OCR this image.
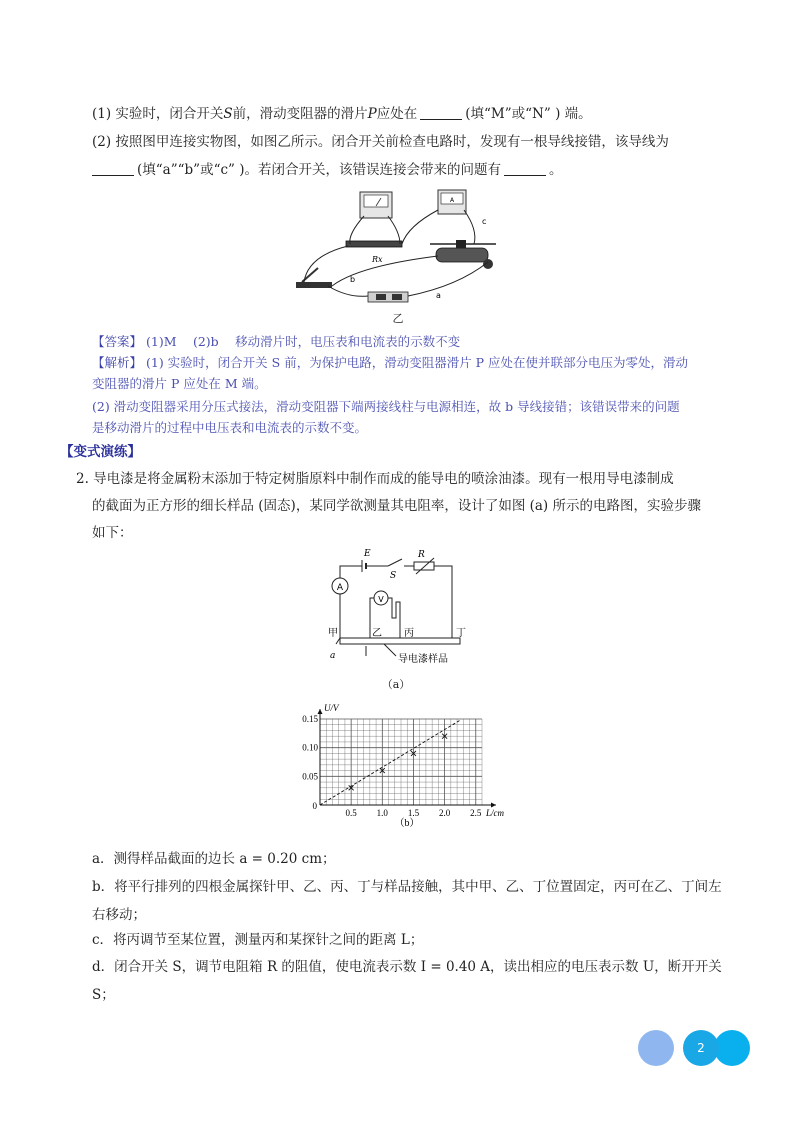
(1) 实验时，闭合开关S前，滑动变阻器的滑片P应处在	(填“M”或“N” ) 端。
(2) 按照图甲连接实物图，如图乙所示。闭合开关前检查电路时，发现有一根导线接错，该导线为
(填“a”“b”或“c” )。若闭合开关，该错误连接会带来的问题有	。
A
Rx
b
a
c
乙
【答案】 (1)M　 (2)b　 移动滑片时，电压表和电流表的示数不变
【解析】 (1) 实验时，闭合开关 S 前，为保护电路，滑动变阻器滑片 P 应处在使并联部分电压为零处，滑动
变阻器的滑片 P 应处在 M 端。
(2) 滑动变阻器采用分压式接法，滑动变阻器下端两接线柱与电源相连，故 b 导线接错；该错误带来的问题
是移动滑片的过程中电压表和电流表的示数不变。
【变式演练】
2. 导电漆是将金属粉末添加于特定树脂原料中制作而成的能导电的喷涂油漆。现有一根用导电漆制成
的截面为正方形的细长样品 (固态)，某同学欲测量其电阻率，设计了如图 (a) 所示的电路图，实验步骤
如下：
A
V
E	R
S
甲	乙 丙	丁
a	导电漆样品
（a）
0.5 1.0 1.5 2.0 2.5
0.05
0.10
0.15
0
U/V
L/cm
（b）
a．测得样品截面的边长 a = 0.20 cm；
b．将平行排列的四根金属探针甲、乙、丙、丁与样品接触，其中甲、乙、丁位置固定，丙可在乙、丁间左
右移动；
c．将丙调节至某位置，测量丙和某探针之间的距离 L；
d．闭合开关 S，调节电阻箱 R 的阻值，使电流表示数 I = 0.40 A，读出相应的电压表示数 U，断开开关
S；
2
